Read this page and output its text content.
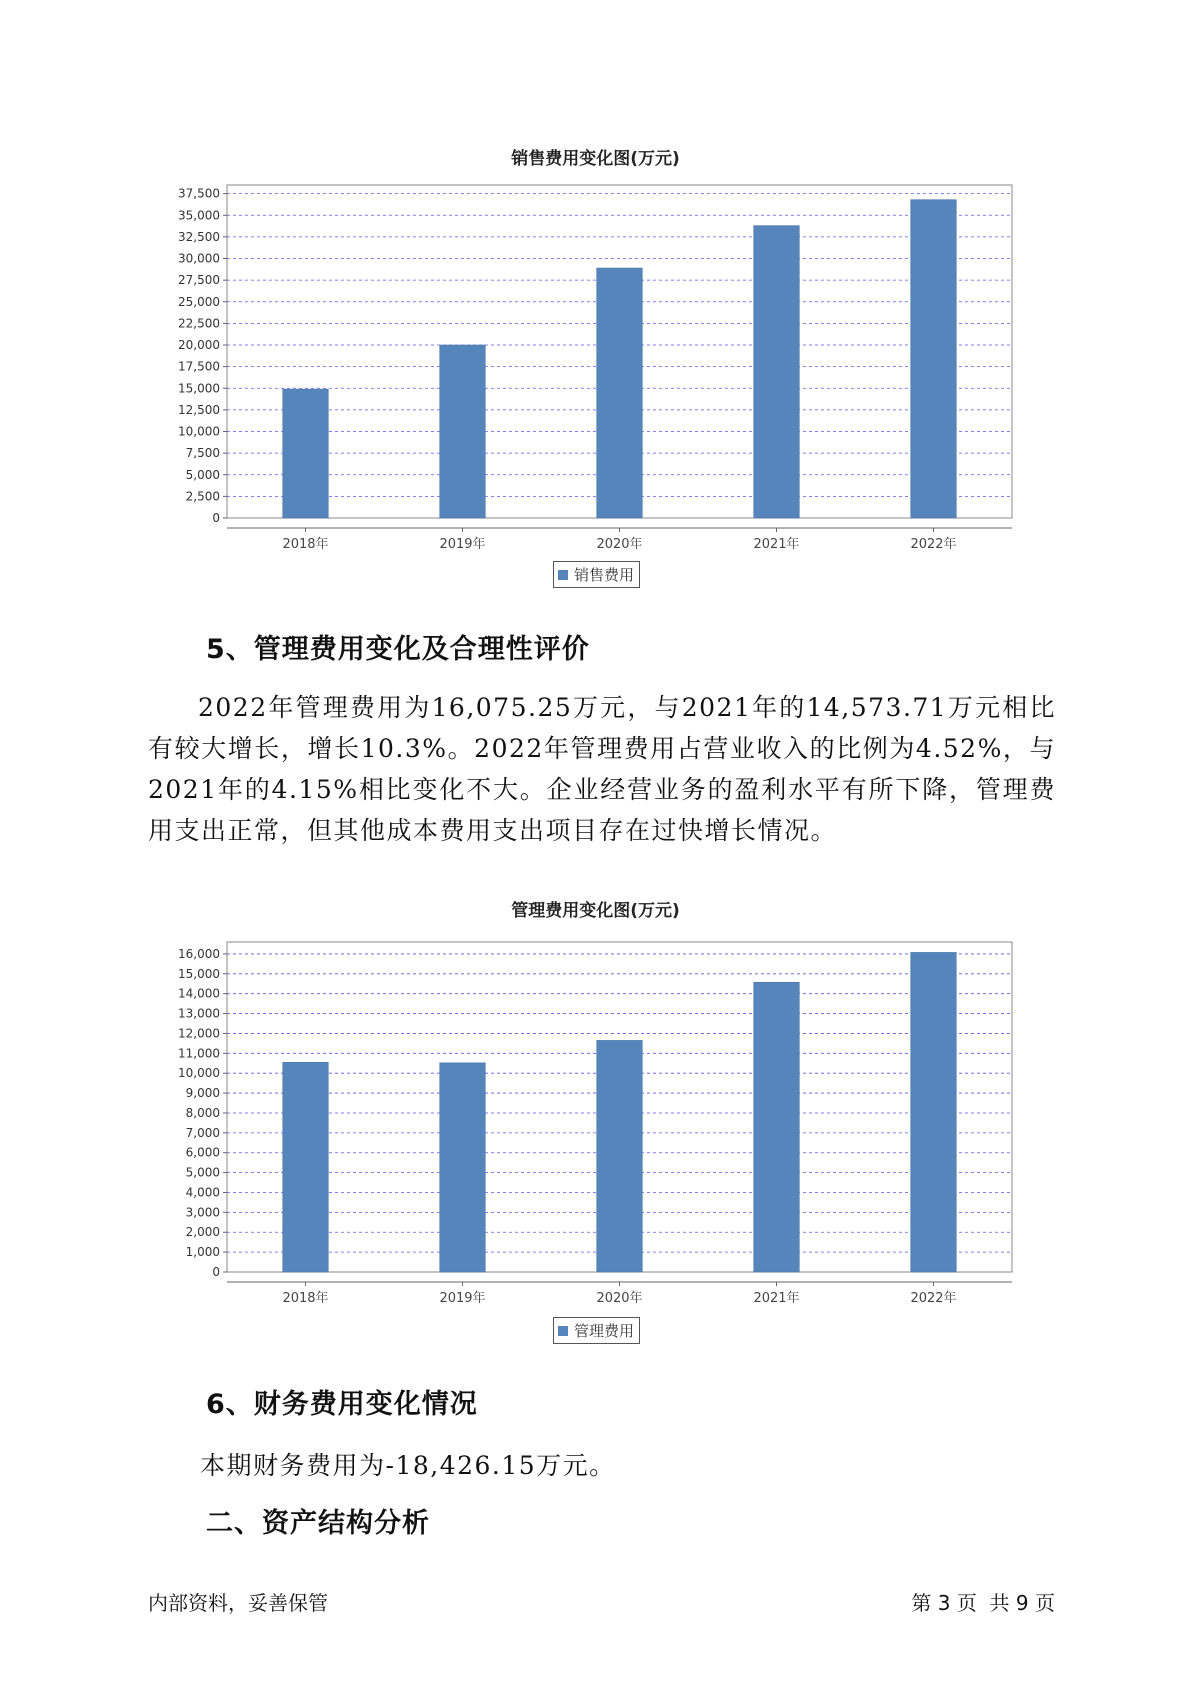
销售费用变化图(万元)
0
2,500
5,000
7,500
10,000
12,500
15,000
17,500
20,000
22,500
25,000
27,500
30,000
32,500
35,000
37,500
2018年	2019年	2020年	2021年	2022年
销售费用
5、管理费用变化及合理性评价

2022年管理费用为16,075.25万元，与2021年的14,573.71万元相比有较大增长，增长10.3%。2022年管理费用占营业收入的比例为4.52%，与2021年的4.15%相比变化不大。企业经营业务的盈利水平有所下降，管理费用支出正常，但其他成本费用支出项目存在过快增长情况。

管理费用变化图(万元)
0
1,000
2,000
3,000
4,000
5,000
6,000
7,000
8,000
9,000
10,000
11,000
12,000
13,000
14,000
15,000
16,000
2018年	2019年	2020年	2021年	2022年
管理费用
6、财务费用变化情况
本期财务费用为-18,426.15万元。
二、资产结构分析
内部资料，妥善保管	第 3 页  共 9 页
